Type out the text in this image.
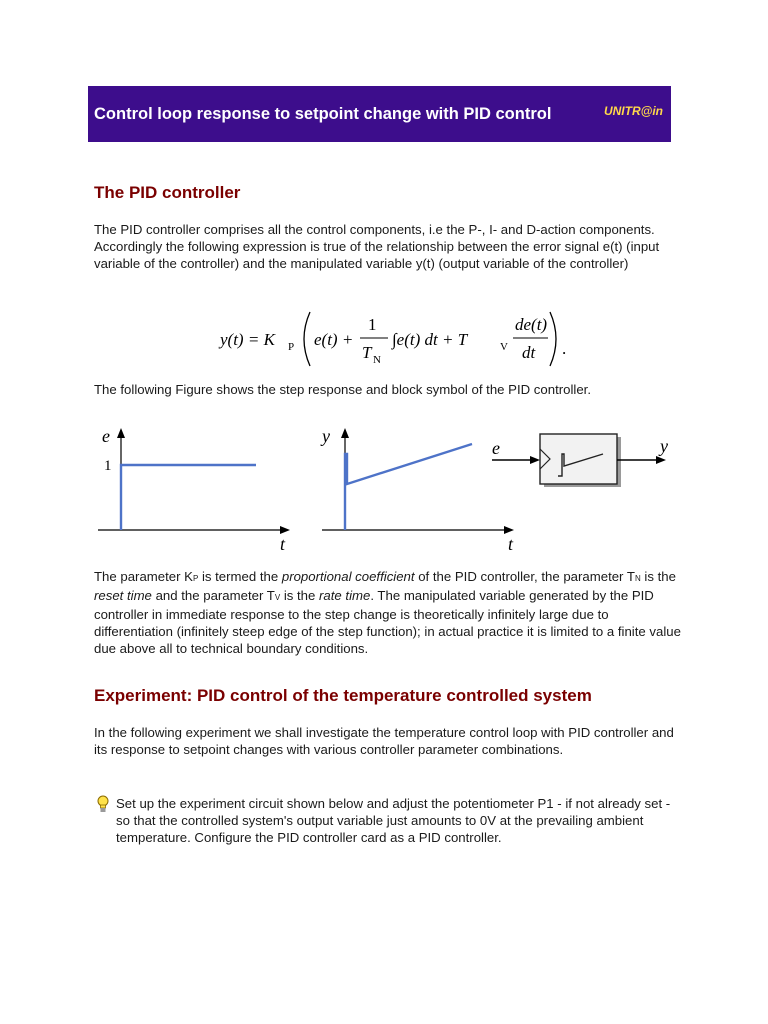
Control loop response to setpoint change with PID control	UNITR@in
The PID controller

The PID controller comprises all the control components, i.e the P-, I- and D-action components. Accordingly the following expression is true of the relationship between the error signal e(t) (input variable of the controller) and the manipulated variable y(t) (output variable of the controller)

y(t) = K P e(t) +
1
T N
∫e(t) dt + T	V
de(t)
dt .

The following Figure shows the step response and block symbol of the PID controller.

e
1
t
y
t
e	y

The parameter KP is termed the proportional coefficient of the PID controller, the parameter TN is the reset time and the parameter TV is the rate time. The manipulated variable generated by the PID controller in immediate response to the step change is theoretically infinitely large due to differentiation (infinitely steep edge of the step function); in actual practice it is limited to a finite value due above all to technical boundary conditions.

Experiment: PID control of the temperature controlled system

In the following experiment we shall investigate the temperature control loop with PID controller and its response to setpoint changes with various controller parameter combinations.

Set up the experiment circuit shown below and adjust the potentiometer P1 - if not already set - so that the controlled system's output variable just amounts to 0V at the prevailing ambient temperature. Configure the PID controller card as a PID controller.
